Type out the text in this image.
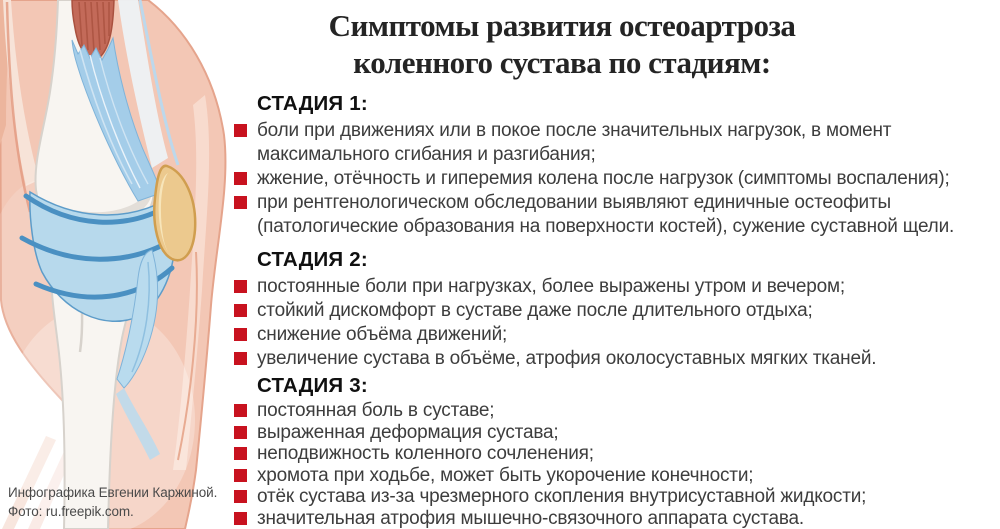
Инфографика Евгении Каржиной.
Фото: ru.freepik.com.
Симптомы развития остеоартроза
коленного сустава по стадиям:
СТАДИЯ 1:
боли при движениях или в покое после значительных нагрузок, в момент максимального сгибания и разгибания;
жжение, отёчность и гиперемия колена после нагрузок (симптомы воспаления);
при рентгенологическом обследовании выявляют единичные остеофиты (патологические образования на поверхности костей), сужение суставной щели.
СТАДИЯ 2:
постоянные боли при нагрузках, более выражены утром и вечером;
стойкий дискомфорт в суставе даже после длительного отдыха;
снижение объёма движений;
увеличение сустава в объёме, атрофия околосуставных мягких тканей.
СТАДИЯ 3:
постоянная боль в суставе;
выраженная деформация сустава;
неподвижность коленного сочленения;
хромота при ходьбе, может быть укорочение конечности;
отёк сустава из-за чрезмерного скопления внутрисуставной жидкости;
значительная атрофия мышечно-связочного аппарата сустава.
